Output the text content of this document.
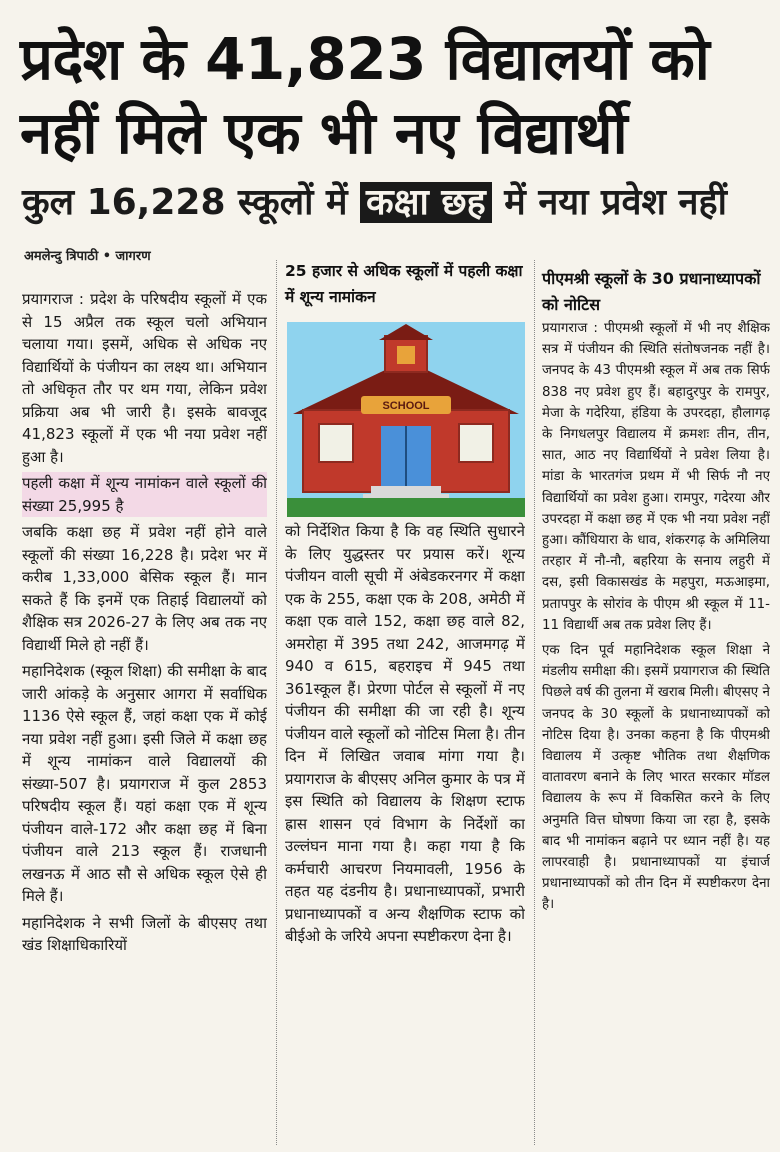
प्रदेश के 41,823 विद्यालयों को नहीं मिले एक भी नए विद्यार्थी
कुल 16,228 स्कूलों में कक्षा छह में नया प्रवेश नहीं
अमलेन्दु त्रिपाठी • जागरण

प्रयागराज : प्रदेश के परिषदीय स्कूलों में एक से 15 अप्रैल तक स्कूल चलो अभियान चलाया गया। इसमें, अधिक से अधिक नए विद्यार्थियों के पंजीयन का लक्ष्य था। अभियान तो अधिकृत तौर पर थम गया, लेकिन प्रवेश प्रक्रिया अब भी जारी है। इसके बावजूद 41,823 स्कूलों में एक भी नया प्रवेश नहीं हुआ है।

पहली कक्षा में शून्य नामांकन वाले स्कूलों की संख्या 25,995 है

जबकि कक्षा छह में प्रवेश नहीं होने वाले स्कूलों की संख्या 16,228 है। प्रदेश भर में करीब 1,33,000 बेसिक स्कूल हैं। मान सकते हैं कि इनमें एक तिहाई विद्यालयों को शैक्षिक सत्र 2026-27 के लिए अब तक नए विद्यार्थी मिले हो नहीं हैं।

महानिदेशक (स्कूल शिक्षा) की समीक्षा के बाद जारी आंकड़े के अनुसार आगरा में सर्वाधिक 1136 ऐसे स्कूल हैं, जहां कक्षा एक में कोई नया प्रवेश नहीं हुआ। इसी जिले में कक्षा छह में शून्य नामांकन वाले विद्यालयों की संख्या-507 है। प्रयागराज में कुल 2853 परिषदीय स्कूल हैं। यहां कक्षा एक में शून्य पंजीयन वाले-172 और कक्षा छह में बिना पंजीयन वाले 213 स्कूल हैं। राजधानी लखनऊ में आठ सौ से अधिक स्कूल ऐसे ही मिले हैं।

महानिदेशक ने सभी जिलों के बीएसए तथा खंड शिक्षाधिकारियों

25 हजार से अधिक स्कूलों में पहली कक्षा में शून्य नामांकन
SCHOOL

को निर्देशित किया है कि वह स्थिति सुधारने के लिए युद्धस्तर पर प्रयास करें। शून्य पंजीयन वाली सूची में अंबेडकरनगर में कक्षा एक के 255, कक्षा एक के 208, अमेठी में कक्षा एक वाले 152, कक्षा छह वाले 82, अमरोहा में 395 तथा 242, आजमगढ़ में 940 व 615, बहराइच में 945 तथा 361स्कूल हैं। प्रेरणा पोर्टल से स्कूलों में नए पंजीयन की समीक्षा की जा रही है। शून्य पंजीयन वाले स्कूलों को नोटिस मिला है। तीन दिन में लिखित जवाब मांगा गया है। प्रयागराज के बीएसए अनिल कुमार के पत्र में इस स्थिति को विद्यालय के शिक्षण स्टाफ ह्रास शासन एवं विभाग के निर्देशों का उल्लंघन माना गया है। कहा गया है कि कर्मचारी आचरण नियमावली, 1956 के तहत यह दंडनीय है। प्रधानाध्यापकों, प्रभारी प्रधानाध्यापकों व अन्य शैक्षणिक स्टाफ को बीईओ के जरिये अपना स्पष्टीकरण देना है।

पीएमश्री स्कूलों के 30 प्रधानाध्यापकों को नोटिस

प्रयागराज : पीएमश्री स्कूलों में भी नए शैक्षिक सत्र में पंजीयन की स्थिति संतोषजनक नहीं है। जनपद के 43 पीएमश्री स्कूल में अब तक सिर्फ 838 नए प्रवेश हुए हैं। बहादुरपुर के रामपुर, मेजा के गदेरिया, हंडिया के उपरदहा, हौलागढ़ के निगधलपुर विद्यालय में क्रमशः तीन, तीन, सात, आठ नए विद्यार्थियों ने प्रवेश लिया है। मांडा के भारतगंज प्रथम में भी सिर्फ नौ नए विद्यार्थियों का प्रवेश हुआ। रामपुर, गदेरया और उपरदहा में कक्षा छह में एक भी नया प्रवेश नहीं हुआ। कौंधियारा के धाव, शंकरगढ़ के अमिलिया तरहार में नौ-नौ, बहरिया के सनाय लहुरी में दस, इसी विकासखंड के महपुरा, मऊआइमा, प्रतापपुर के सोरांव के पीएम श्री स्कूल में 11-11 विद्यार्थी अब तक प्रवेश लिए हैं।

एक दिन पूर्व महानिदेशक स्कूल शिक्षा ने मंडलीय समीक्षा की। इसमें प्रयागराज की स्थिति पिछले वर्ष की तुलना में खराब मिली। बीएसए ने जनपद के 30 स्कूलों के प्रधानाध्यापकों को नोटिस दिया है। उनका कहना है कि पीएमश्री विद्यालय में उत्कृष्ट भौतिक तथा शैक्षणिक वातावरण बनाने के लिए भारत सरकार मॉडल विद्यालय के रूप में विकसित करने के लिए अनुमति वित्त घोषणा किया जा रहा है, इसके बाद भी नामांकन बढ़ाने पर ध्यान नहीं है। यह लापरवाही है। प्रधानाध्यापकों या इंचार्ज प्रधानाध्यापकों को तीन दिन में स्पष्टीकरण देना है।
